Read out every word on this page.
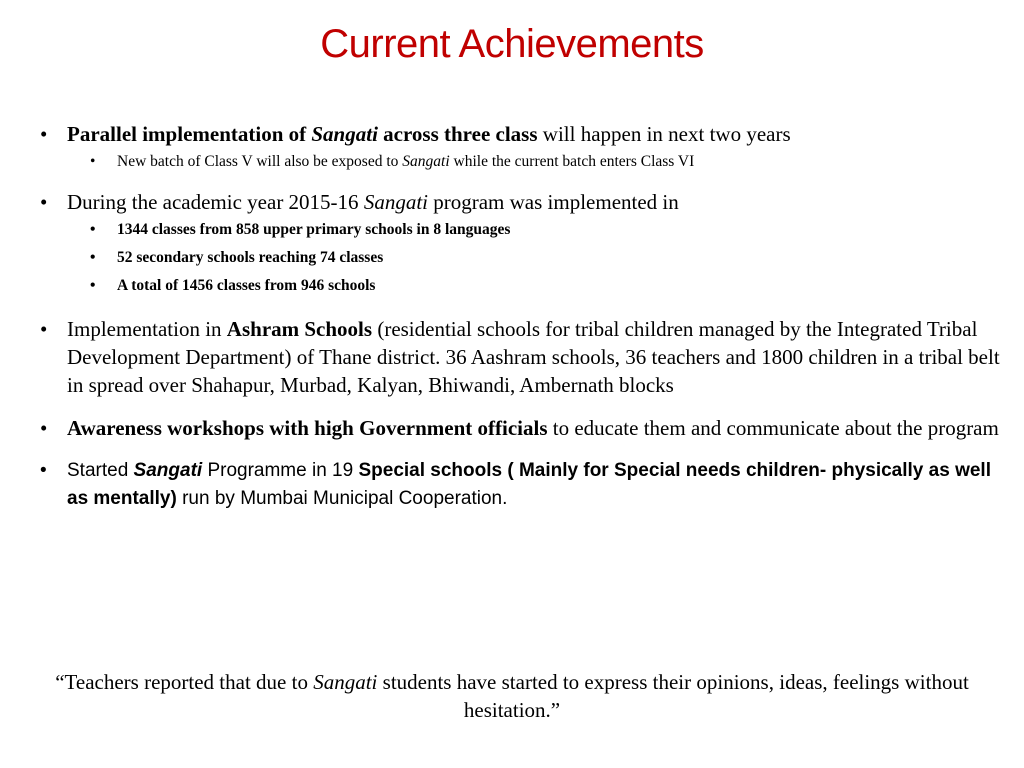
Current Achievements
• Parallel implementation of Sangati across three class will happen in next two years
• New batch of Class V will also be exposed to Sangati while the current batch enters Class VI
• During the academic year 2015-16 Sangati program was implemented in
• 1344 classes from 858 upper primary schools in 8 languages
• 52 secondary schools reaching 74 classes
• A total of 1456 classes from 946 schools
• Implementation in Ashram Schools (residential schools for tribal children managed by the Integrated Tribal Development Department) of Thane district. 36 Aashram schools, 36 teachers and 1800 children in a tribal belt in spread over Shahapur, Murbad, Kalyan, Bhiwandi, Ambernath blocks
• Awareness workshops with high Government officials to educate them and communicate about the program
• Started Sangati Programme in 19 Special schools ( Mainly for Special needs children- physically as well as mentally) run by Mumbai Municipal Cooperation.
“Teachers reported that due to Sangati students have started to express their opinions, ideas, feelings without hesitation.”
